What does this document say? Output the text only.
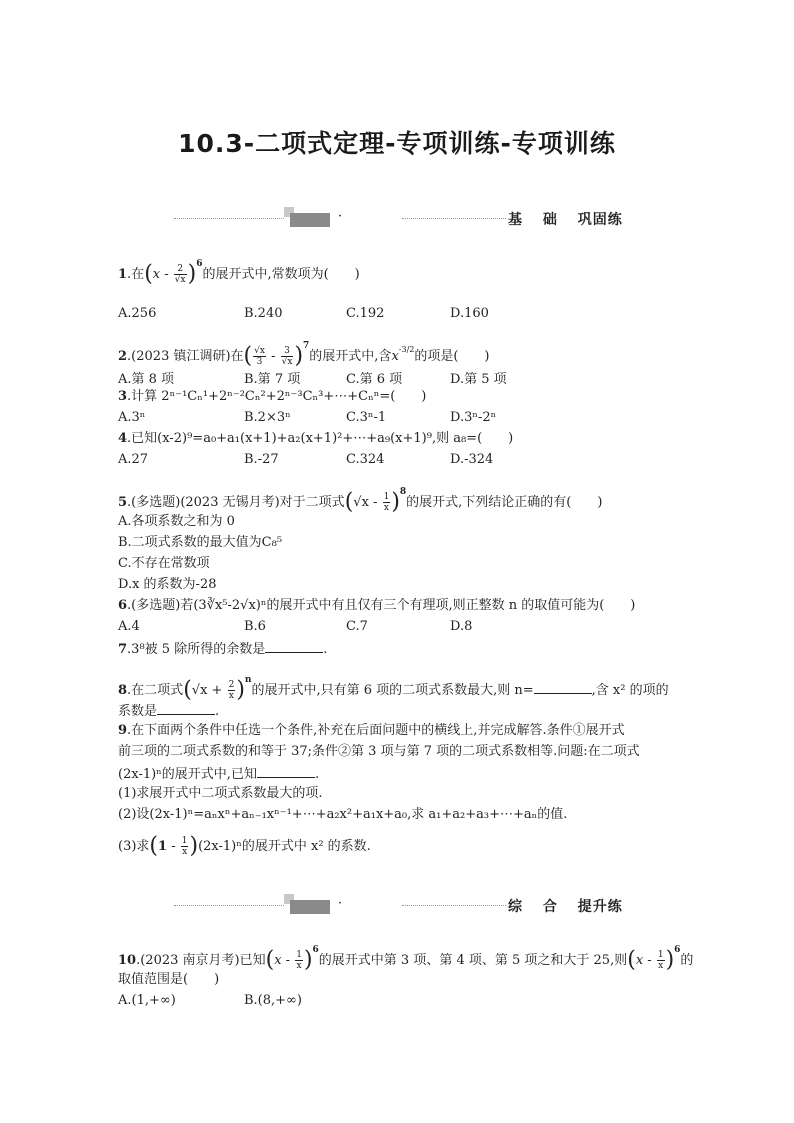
10.3-二项式定理-专项训练-专项训练
·	基 础 巩固练
1.在$(x - \frac{2}{√x} )^6$的展开式中,常数项为(　　)
A.256	B.240	C.192	D.160
2.(2023 镇江调研)在( $\frac{√x}{3} - \frac{3}{√x} )^7$的展开式中,含$x^{-3/2}$的项是(　　)
A.第 8 项	B.第 7 项	C.第 6 项	D.第 5 项
3.计算 2ⁿ⁻¹Cₙ¹+2ⁿ⁻²Cₙ²+2ⁿ⁻³Cₙ³+⋯+Cₙⁿ=(　　)
A.3ⁿ	B.2×3ⁿ	C.3ⁿ-1	D.3ⁿ-2ⁿ
4.已知(x-2)⁹=a₀+a₁(x+1)+a₂(x+1)²+⋯+a₉(x+1)⁹,则 a₈=(　　)
A.27	B.-27	C.324	D.-324
5.(多选题)(2023 无锡月考)对于二项式$(√x - \frac{1}{x} )^8$的展开式,下列结论正确的有(　　)
A.各项系数之和为 0
B.二项式系数的最大值为C₈⁵
C.不存在常数项
D.x 的系数为-28
6.(多选题)若(3∛x⁵-2√x)ⁿ的展开式中有且仅有三个有理项,则正整数 n 的取值可能为(　　)
A.4	B.6	C.7	D.8
7.3⁸被 5 除所得的余数是	.
8.在二项式$(√x + \frac{2}{x} )^n$的展开式中,只有第 6 项的二项式系数最大,则 n=	,含 x² 的项的
系数是	.
9.在下面两个条件中任选一个条件,补充在后面问题中的横线上,并完成解答.条件①展开式
前三项的二项式系数的和等于 37;条件②第 3 项与第 7 项的二项式系数相等.问题:在二项式
(2x-1)ⁿ的展开式中,已知	.
(1)求展开式中二项式系数最大的项.
(2)设(2x-1)ⁿ=aₙxⁿ+aₙ₋₁xⁿ⁻¹+⋯+a₂x²+a₁x+a₀,求 a₁+a₂+a₃+⋯+aₙ的值.
(3)求$(1 - \frac{1}{x} )(2x-1)^n$的展开式中 x² 的系数.
·	综 合 提升练
10.(2023 南京月考)已知$(x - \frac{1}{x} )^6$的展开式中第 3 项、第 4 项、第 5 项之和大于 25,则$(x - \frac{1}{x} )^6$的
取值范围是(　　)
A.(1,+∞)	B.(8,+∞)
